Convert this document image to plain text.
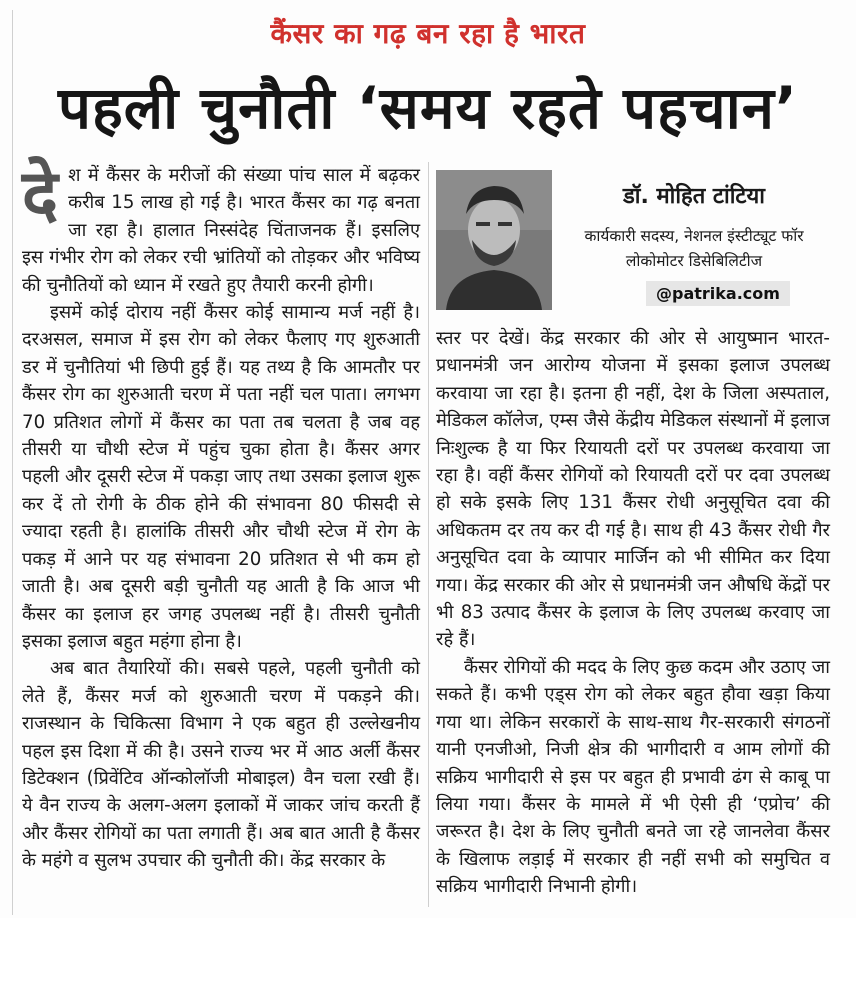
कैंसर का गढ़ बन रहा है भारत
पहली चुनौती ‘समय रहते पहचान’

देश में कैंसर के मरीजों की संख्या पांच साल में बढ़कर करीब 15 लाख हो गई है। भारत कैंसर का गढ़ बनता जा रहा है। हालात निस्संदेह चिंताजनक हैं। इसलिए इस गंभीर रोग को लेकर रची भ्रांतियों को तोड़कर और भविष्य की चुनौतियों को ध्यान में रखते हुए तैयारी करनी होगी।

इसमें कोई दोराय नहीं कैंसर कोई सामान्य मर्ज नहीं है। दरअसल, समाज में इस रोग को लेकर फैलाए गए शुरुआती डर में चुनौतियां भी छिपी हुई हैं। यह तथ्य है कि आमतौर पर कैंसर रोग का शुरुआती चरण में पता नहीं चल पाता। लगभग 70 प्रतिशत लोगों में कैंसर का पता तब चलता है जब वह तीसरी या चौथी स्टेज में पहुंच चुका होता है। कैंसर अगर पहली और दूसरी स्टेज में पकड़ा जाए तथा उसका इलाज शुरू कर दें तो रोगी के ठीक होने की संभावना 80 फीसदी से ज्यादा रहती है। हालांकि तीसरी और चौथी स्टेज में रोग के पकड़ में आने पर यह संभावना 20 प्रतिशत से भी कम हो जाती है। अब दूसरी बड़ी चुनौती यह आती है कि आज भी कैंसर का इलाज हर जगह उपलब्ध नहीं है। तीसरी चुनौती इसका इलाज बहुत महंगा होना है।

अब बात तैयारियों की। सबसे पहले, पहली चुनौती को लेते हैं, कैंसर मर्ज को शुरुआती चरण में पकड़ने की। राजस्थान के चिकित्सा विभाग ने एक बहुत ही उल्लेखनीय पहल इस दिशा में की है। उसने राज्य भर में आठ अर्ली कैंसर डिटेक्शन (प्रिवेंटिव ऑन्कोलॉजी मोबाइल) वैन चला रखी हैं। ये वैन राज्य के अलग-अलग इलाकों में जाकर जांच करती हैं और कैंसर रोगियों का पता लगाती हैं। अब बात आती है कैंसर के महंगे व सुलभ उपचार की चुनौती की। केंद्र सरकार के

डॉ. मोहित टांटिया
कार्यकारी सदस्य, नेशनल इंस्टीट्यूट फॉर लोकोमोटर डिसेबिलिटीज
@patrika.com

स्तर पर देखें। केंद्र सरकार की ओर से आयुष्मान भारत-प्रधानमंत्री जन आरोग्य योजना में इसका इलाज उपलब्ध करवाया जा रहा है। इतना ही नहीं, देश के जिला अस्पताल, मेडिकल कॉलेज, एम्स जैसे केंद्रीय मेडिकल संस्थानों में इलाज निःशुल्क है या फिर रियायती दरों पर उपलब्ध करवाया जा रहा है। वहीं कैंसर रोगियों को रियायती दरों पर दवा उपलब्ध हो सके इसके लिए 131 कैंसर रोधी अनुसूचित दवा की अधिकतम दर तय कर दी गई है। साथ ही 43 कैंसर रोधी गैर अनुसूचित दवा के व्यापार मार्जिन को भी सीमित कर दिया गया। केंद्र सरकार की ओर से प्रधानमंत्री जन औषधि केंद्रों पर भी 83 उत्पाद कैंसर के इलाज के लिए उपलब्ध करवाए जा रहे हैं।

कैंसर रोगियों की मदद के लिए कुछ कदम और उठाए जा सकते हैं। कभी एड्स रोग को लेकर बहुत हौवा खड़ा किया गया था। लेकिन सरकारों के साथ-साथ गैर-सरकारी संगठनों यानी एनजीओ, निजी क्षेत्र की भागीदारी व आम लोगों की सक्रिय भागीदारी से इस पर बहुत ही प्रभावी ढंग से काबू पा लिया गया। कैंसर के मामले में भी ऐसी ही ‘एप्रोच’ की जरूरत है। देश के लिए चुनौती बनते जा रहे जानलेवा कैंसर के खिलाफ लड़ाई में सरकार ही नहीं सभी को समुचित व सक्रिय भागीदारी निभानी होगी।
